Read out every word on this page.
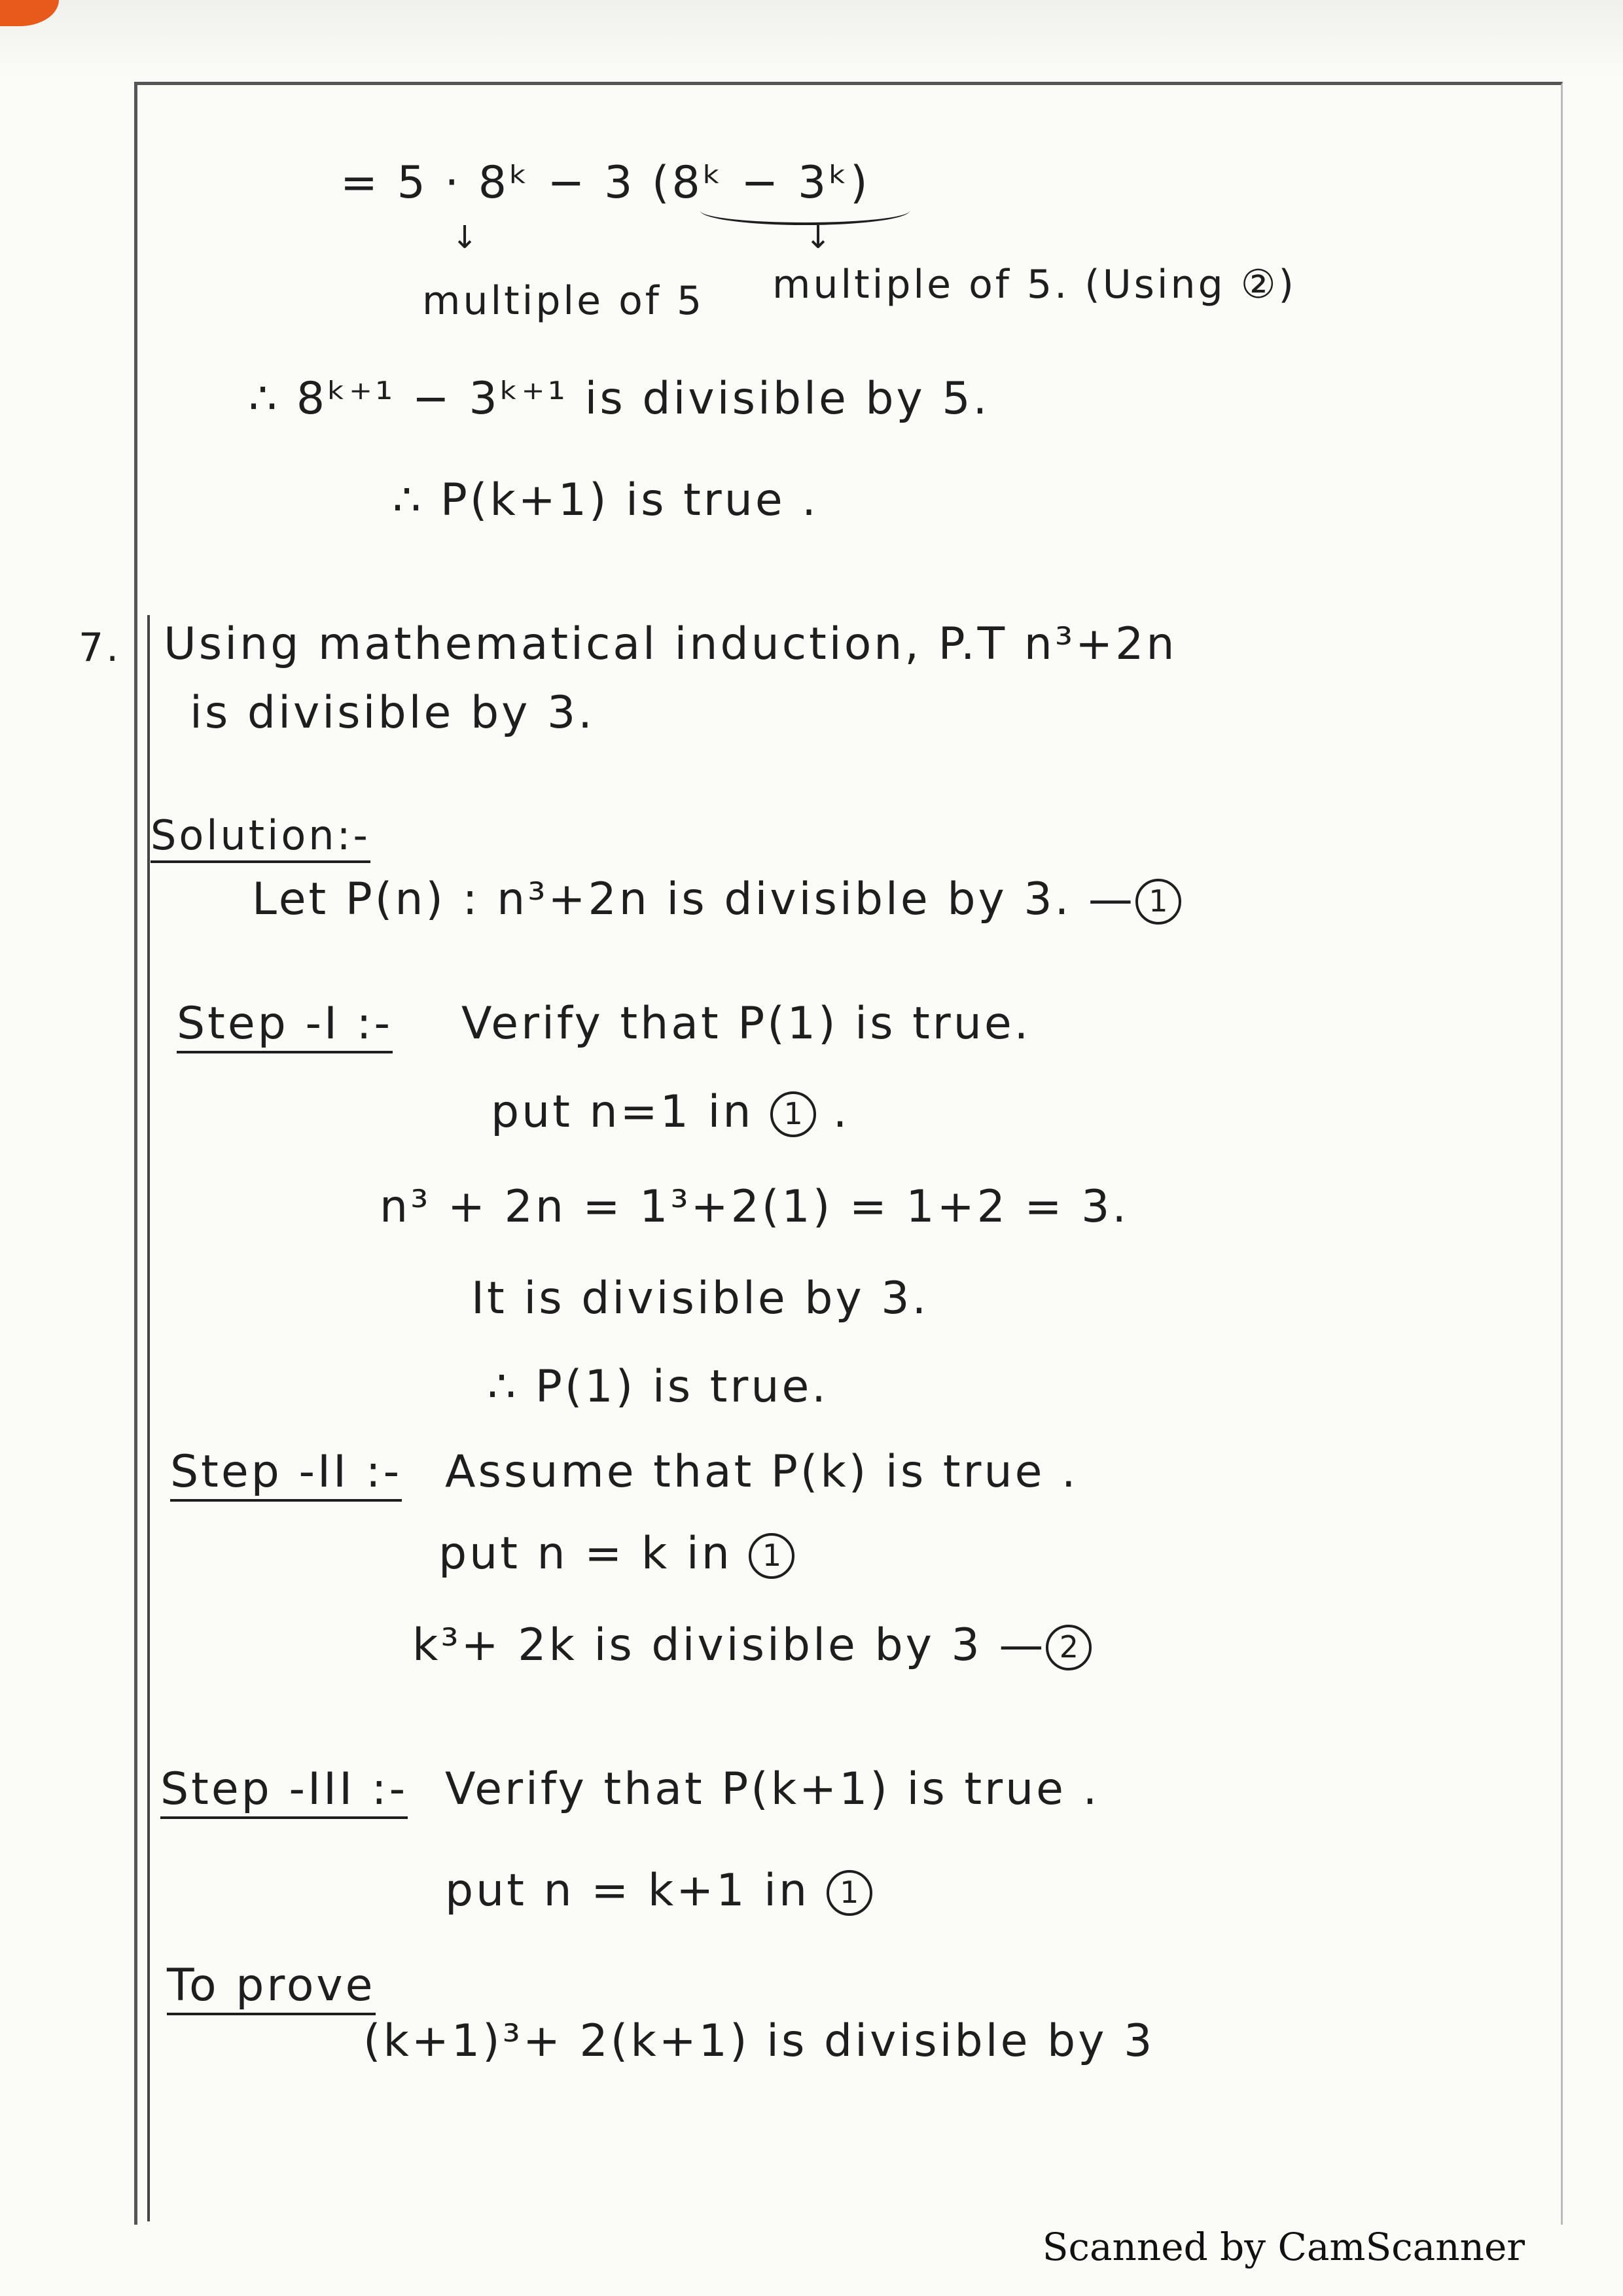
= 5 · 8ᵏ − 3 (8ᵏ − 3ᵏ)
↓	↓
multiple of 5 multiple of 5. (Using ②)
∴ 8ᵏ⁺¹ − 3ᵏ⁺¹ is divisible by 5.
∴ P(k+1) is true .
7. Using mathematical induction, P.T n³+2n
is divisible by 3.
Solution:-
Let P(n) : n³+2n is divisible by 3. — 1
Step -I :- Verify that P(1) is true.
put n=1 in 1 .
n³ + 2n = 1³+2(1) = 1+2 = 3.
It is divisible by 3.
∴ P(1) is true.
Step -II :- Assume that P(k) is true .
put n = k in 1
k³+ 2k is divisible by 3 — 2
Step -III :- Verify that P(k+1) is true .
put n = k+1 in 1
To prove
(k+1)³+ 2(k+1) is divisible by 3
Scanned by CamScanner
